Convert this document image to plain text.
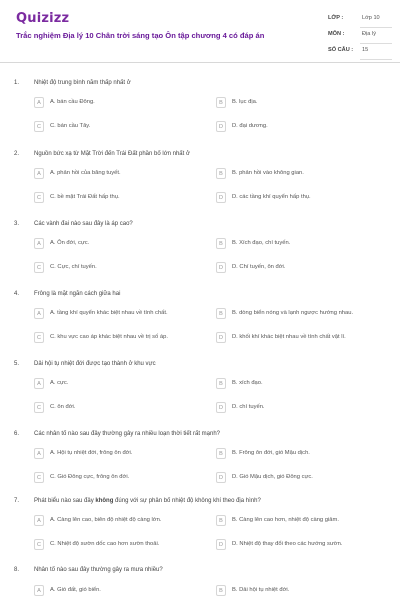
Quizizz
Trắc nghiệm Địa lý 10 Chân trời sáng tạo Ôn tập chương 4 có đáp án
LỚP :	Lớp 10
MÔN :	Địa lý
SỐ CÂU : 15
1. Nhiệt độ trung bình năm thấp nhất ở
A	A. bán cầu Đông.	B	B. lục địa.
C	C. bán cầu Tây.	D	D. đại dương.
2. Nguồn bức xạ từ Mặt Trời đến Trái Đất phần bố lớn nhất ở
A	A. phản hồi của băng tuyết.	B	B. phản hồi vào không gian.
C	C. bề mặt Trái Đất hấp thụ.	D	D. các tầng khí quyển hấp thụ.
3. Các vành đai nào sau đây là áp cao?
A	A. Ôn đới, cực.	B	B. Xích đạo, chí tuyến.
C	C. Cực, chí tuyến.	D	D. Chí tuyến, ôn đới.
4. Frông là mặt ngăn cách giữa hai
A	A. tầng khí quyển khác biệt nhau về tính chất.	B	B. dòng biển nóng và lạnh ngược hướng nhau.
C	C. khu vực cao áp khác biệt nhau về trị số áp.	D	D. khối khí khác biệt nhau về tính chất vật lí.
5. Dải hội tụ nhiệt đới được tạo thành ở khu vực
A	A. cực.	B	B. xích đạo.
C	C. ôn đới.	D	D. chí tuyến.
6. Các nhân tố nào sau đây thường gây ra nhiều loạn thời tiết rất mạnh?
A	A. Hội tụ nhiệt đới, frông ôn đới.	B	B. Frông ôn đới, gió Mậu dịch.
C	C. Gió Đông cực, frông ôn đới.	D	D. Gió Mậu dịch, gió Đông cực.
7. Phát biểu nào sau đây không đúng với sự phân bố nhiệt độ không khí theo địa hình?
A	A. Càng lên cao, biên độ nhiệt độ càng lớn.	B	B. Càng lên cao hơn, nhiệt độ càng giảm.
C	C. Nhiệt độ sườn dốc cao hơn sườn thoải.	D	D. Nhiệt độ thay đổi theo các hướng sườn.
8. Nhân tố nào sau đây thường gây ra mưa nhiều?
A	A. Gió đất, gió biển.	B	B. Dải hội tụ nhiệt đới.
